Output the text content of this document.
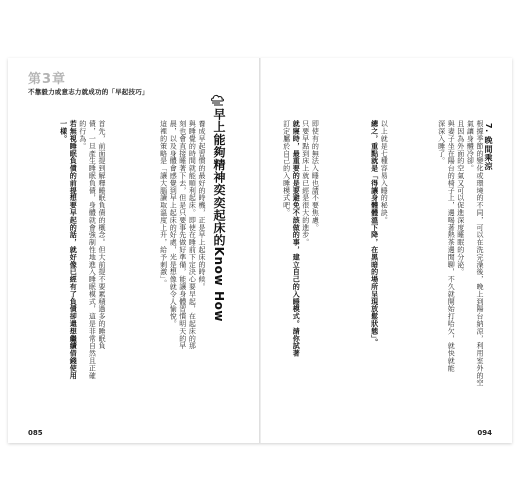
第3章
不靠毅力或意志力就成功的「早起技巧」
早上能夠精神奕奕起床的Know How
養成早起習慣的最好的時機，正是早上起床的時候。
與睡覺的時間就能順利起床。即使在睡前下定決心要早起，在起床的那
刻也會直接睡著下去，但是只要事先做好準備，能讓身體習慣明天的早
晨，以及身體會感覺到早上起床的好處，光是想像就令人愉悅。
這裡的策略是「讓大腦讀取溫度上升，給予刺激」。
首先，前面提到解釋睡眠負債的概念。但大前提不要累積過多的睡眠負
債，一旦產生睡眠負債，身體就會強制性地進入睡眠模式，這是非常自然且正確
的行為。
若無視睡眠負債的前提想要早起的話，就好像已經有了負債卻還想繼續借錢使用
一樣。
085
7. 晚間乘涼
根據季節的變化或環境的不同，可以在洗完澡後，晚上到陽台納涼，利用室外的空
氣讓身體冷卻。
且因為外面的空氣又可以促進深度睡眠的分泌。
與妻子坐在陽台的椅子上，邊喝著熱茶邊閒聊，不久就開始打哈欠，就快就能
深深入睡了。
以上就是七種容易入睡的秘訣。
總之，重點就是「得讓身體體溫下降，在黑暗的場所呈現放鬆狀態」。
即使有的無法入睡也請不要焦慮。
只要早點到床上就已經是很大的進步。
就寢時，最重要的是要避免不該做的事，建立自己的入睡模式。請你試著
訂定屬於自己的入睡模式吧。
094
